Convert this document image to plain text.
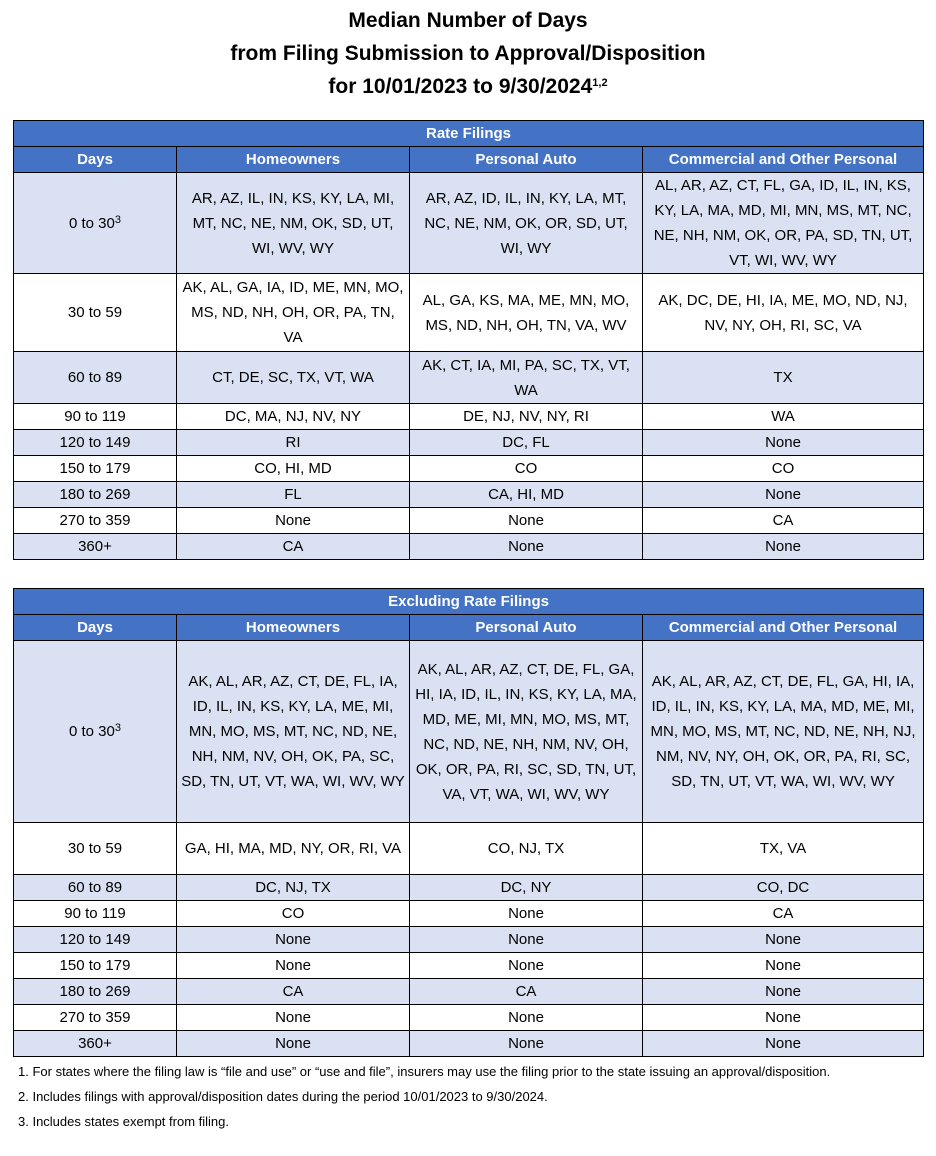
Median Number of Days
from Filing Submission to Approval/Disposition
for 10/01/2023 to 9/30/2024$^{1,2}$
Rate Filings			
Days	Homeowners	Personal Auto	Commercial and Other Personal
0 to $30^3$	AR, AZ, IL, IN, KS, KY, LA, MI, MT, NC, NE, NM, OK, SD, UT, WI, WV, WY	AR, AZ, ID, IL, IN, KY, LA, MT, NC, NE, NM, OK, OR, SD, UT, WI, WY	AL, AR, AZ, CT, FL, GA, ID, IL, IN, KS, KY, LA, MA, MD, MI, MN, MS, MT, NC, NE, NH, NM, OK, OR, PA, SD, TN, UT, VT, WI, WV, WY
30 to 59	AK, AL, GA, IA, ID, ME, MN, MO, MS, ND, NH, OH, OR, PA, TN, VA	AL, GA, KS, MA, ME, MN, MO, MS, ND, NH, OH, TN, VA, WV	AK, DC, DE, HI, IA, ME, MO, ND, NJ, NV, NY, OH, RI, SC, VA
60 to 89	CT, DE, SC, TX, VT, WA	AK, CT, IA, MI, PA, SC, TX, VT, WA	TX
90 to 119	DC, MA, NJ, NV, NY	DE, NJ, NV, NY, RI	WA
120 to 149	RI	DC, FL	None
150 to 179	CO, HI, MD	CO	CO
180 to 269	FL	CA, HI, MD	None
270 to 359	None	None	CA
360+	CA	None	None
Excluding Rate Filings			
Days	Homeowners	Personal Auto	Commercial and Other Personal
0 to $30^3$	AK, AL, AR, AZ, CT, DE, FL, IA, ID, IL, IN, KS, KY, LA, ME, MI, MN, MO, MS, MT, NC, ND, NE, NH, NM, NV, OH, OK, PA, SC, SD, TN, UT, VT, WA, WI, WV, WY	AK, AL, AR, AZ, CT, DE, FL, GA, HI, IA, ID, IL, IN, KS, KY, LA, MA, MD, ME, MI, MN, MO, MS, MT, NC, ND, NE, NH, NM, NV, OH, OK, OR, PA, RI, SC, SD, TN, UT, VA, VT, WA, WI, WV, WY	AK, AL, AR, AZ, CT, DE, FL, GA, HI, IA, ID, IL, IN, KS, KY, LA, MA, MD, ME, MI, MN, MO, MS, MT, NC, ND, NE, NH, NJ, NM, NV, NY, OH, OK, OR, PA, RI, SC, SD, TN, UT, VT, WA, WI, WV, WY
30 to 59	GA, HI, MA, MD, NY, OR, RI, VA	CO, NJ, TX	TX, VA
60 to 89	DC, NJ, TX	DC, NY	CO, DC
90 to 119	CO	None	CA
120 to 149	None	None	None
150 to 179	None	None	None
180 to 269	CA	CA	None
270 to 359	None	None	None
360+	None	None	None
1. For states where the filing law is “file and use” or “use and file”, insurers may use the filing prior to the state issuing an approval/disposition.
2. Includes filings with approval/disposition dates during the period 10/01/2023 to 9/30/2024.
3. Includes states exempt from filing.
